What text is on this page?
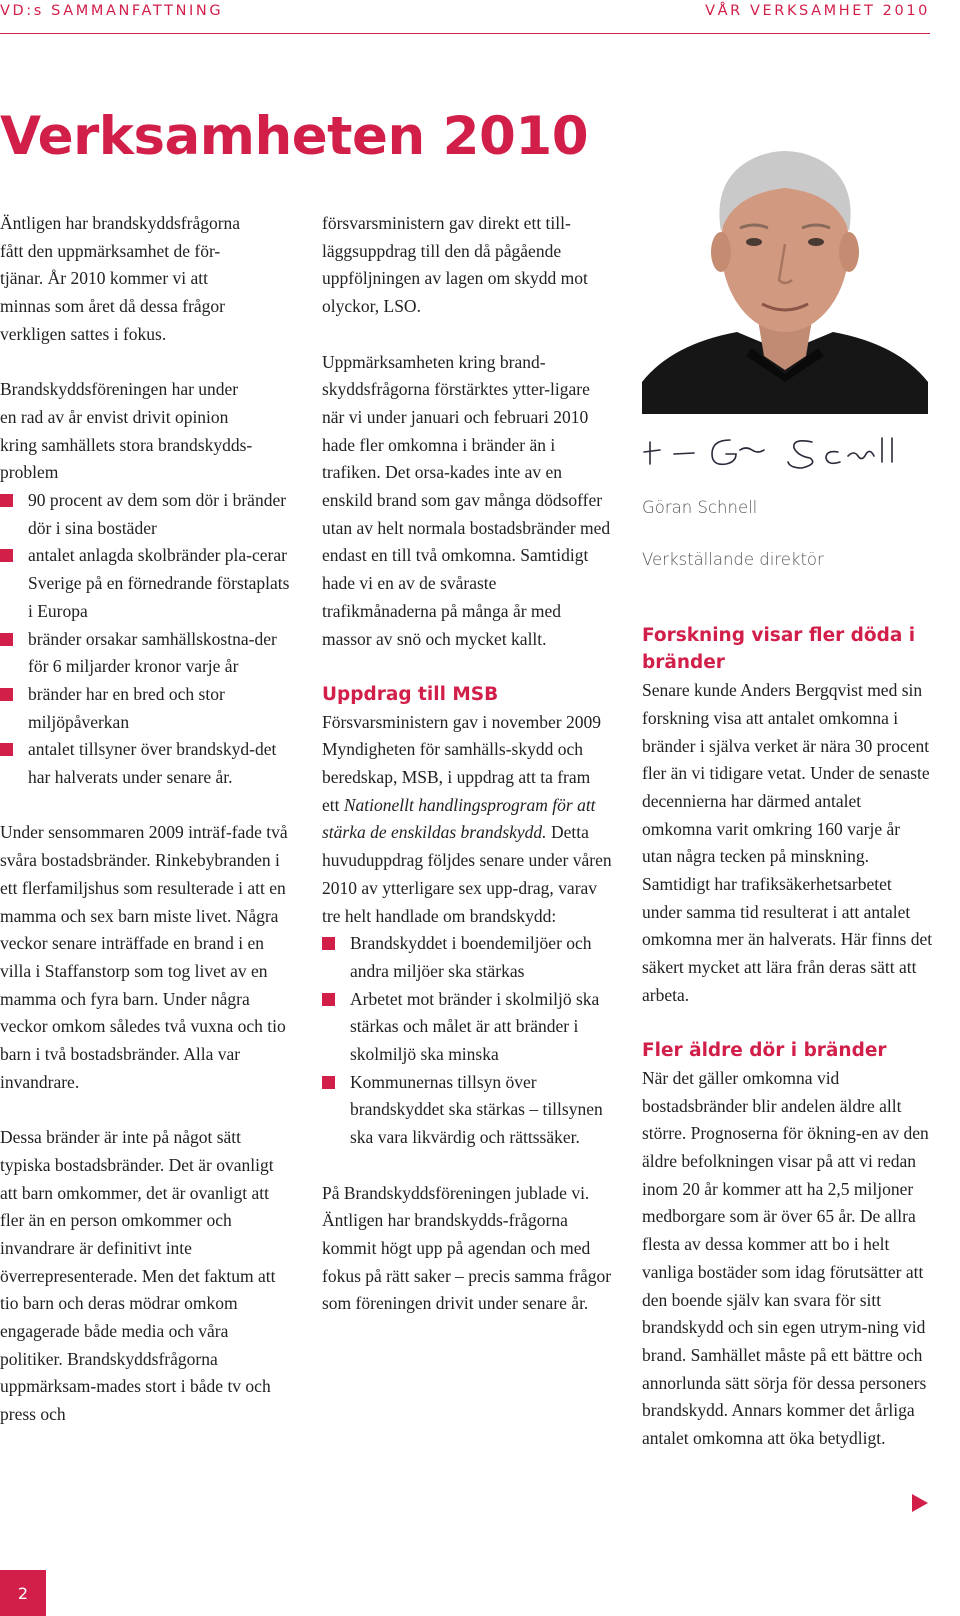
VD:s SAMMANFATTNING	VÅR VERKSAMHET 2010
Verksamheten 2010

Äntligen har brandskyddsfrågorna
fått den uppmärksamhet de för-
tjänar. År 2010 kommer vi att
minnas som året då dessa frågor
verkligen sattes i fokus.

Brandskyddsföreningen har under
en rad av år envist drivit opinion
kring samhällets stora brandskydds-
problem

90 procent av dem som dör i bränder dör i sina bostäder
antalet anlagda skolbränder pla-cerar Sverige på en förnedrande förstaplats i Europa
bränder orsakar samhällskostna-der för 6 miljarder kronor varje år
bränder har en bred och stor miljöpåverkan
antalet tillsyner över brandskyd-det har halverats under senare år.

Under sensommaren 2009 inträf-fade två svåra bostadsbränder. Rinkebybranden i ett flerfamiljshus som resulterade i att en mamma och sex barn miste livet. Några veckor senare inträffade en brand i en villa i Staffanstorp som tog livet av en mamma och fyra barn. Under några veckor omkom således två vuxna och tio barn i två bostadsbränder. Alla var invandrare.

Dessa bränder är inte på något sätt typiska bostadsbränder. Det är ovanligt att barn omkommer, det är ovanligt att fler än en person omkommer och invandrare är definitivt inte överrepresenterade. Men det faktum att tio barn och deras mödrar omkom engagerade både media och våra politiker. Brandskyddsfrågorna uppmärksam-mades stort i både tv och press och

försvarsministern gav direkt ett till-läggsuppdrag till den då pågående uppföljningen av lagen om skydd mot olyckor, LSO.

Uppmärksamheten kring brand-skyddsfrågorna förstärktes ytter-ligare när vi under januari och februari 2010 hade fler omkomna i bränder än i trafiken. Det orsa-kades inte av en enskild brand som gav många dödsoffer utan av helt normala bostadsbränder med endast en till två omkomna. Samtidigt hade vi en av de svåraste trafikmånaderna på många år med massor av snö och mycket kallt.

Uppdrag till MSB

Försvarsministern gav i november 2009 Myndigheten för samhälls-skydd och beredskap, MSB, i uppdrag att ta fram ett Nationellt handlingsprogram för att stärka de enskildas brandskydd. Detta huvuduppdrag följdes senare under våren 2010 av ytterligare sex upp-drag, varav tre helt handlade om brandskydd:

Brandskyddet i boendemiljöer och andra miljöer ska stärkas
Arbetet mot bränder i skolmiljö ska stärkas och målet är att bränder i skolmiljö ska minska
Kommunernas tillsyn över brandskyddet ska stärkas – tillsynen ska vara likvärdig och rättssäker.

På Brandskyddsföreningen jublade vi. Äntligen har brandskydds-frågorna kommit högt upp på agendan och med fokus på rätt saker – precis samma frågor som föreningen drivit under senare år.

Göran Schnell

Verkställande direktör

Forskning visar fler döda i bränder

Senare kunde Anders Bergqvist med sin forskning visa att antalet omkomna i bränder i själva verket är nära 30 procent fler än vi tidigare vetat. Under de senaste decennierna har därmed antalet omkomna varit omkring 160 varje år utan några tecken på minskning. Samtidigt har trafiksäkerhetsarbetet under samma tid resulterat i att antalet omkomna mer än halverats. Här finns det säkert mycket att lära från deras sätt att arbeta.

Fler äldre dör i bränder

När det gäller omkomna vid bostadsbränder blir andelen äldre allt större. Prognoserna för ökning-en av den äldre befolkningen visar på att vi redan inom 20 år kommer att ha 2,5 miljoner medborgare som är över 65 år. De allra flesta av dessa kommer att bo i helt vanliga bostäder som idag förutsätter att den boende själv kan svara för sitt brandskydd och sin egen utrym-ning vid brand. Samhället måste på ett bättre och annorlunda sätt sörja för dessa personers brandskydd. Annars kommer det årliga antalet omkomna att öka betydligt.

2
